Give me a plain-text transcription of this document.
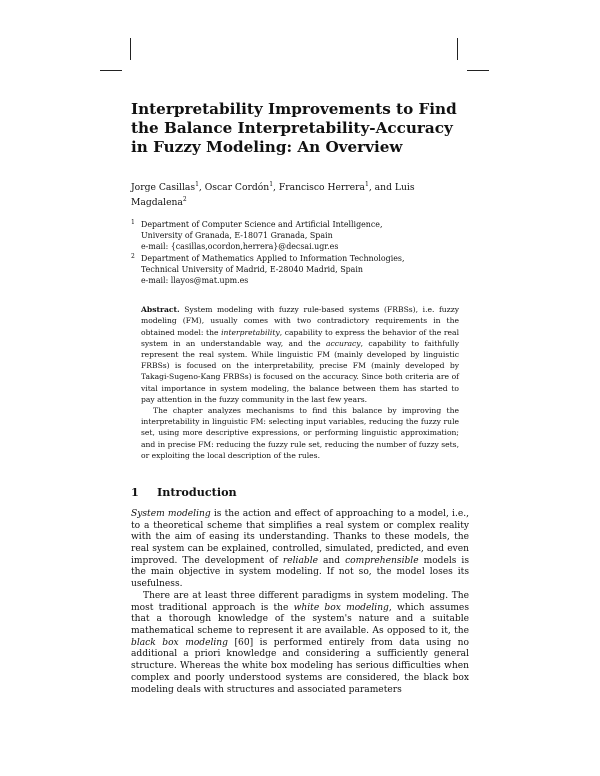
Interpretability Improvements to Find the Balance Interpretability-Accuracy in Fuzzy Modeling: An Overview
Jorge Casillas$^1$, Oscar Cordón$^1$, Francisco Herrera$^1$, and Luis Magdalena$^2$
1 Department of Computer Science and Artificial Intelligence,
University of Granada, E-18071 Granada, Spain
e-mail: {casillas,ocordon,herrera}@decsai.ugr.es
2 Department of Mathematics Applied to Information Technologies,
Technical University of Madrid, E-28040 Madrid, Spain
e-mail: llayos@mat.upm.es

Abstract. System modeling with fuzzy rule-based systems (FRBSs), i.e. fuzzy modeling (FM), usually comes with two contradictory requirements in the obtained model: the interpretability, capability to express the behavior of the real system in an understandable way, and the accuracy, capability to faithfully represent the real system. While linguistic FM (mainly developed by linguistic FRBSs) is focused on the interpretability, precise FM (mainly developed by Takagi-Sugeno-Kang FRBSs) is focused on the accuracy. Since both criteria are of vital importance in system modeling, the balance between them has started to pay attention in the fuzzy community in the last few years.

The chapter analyzes mechanisms to find this balance by improving the interpretability in linguistic FM: selecting input variables, reducing the fuzzy rule set, using more descriptive expressions, or performing linguistic approximation; and in precise FM: reducing the fuzzy rule set, reducing the number of fuzzy sets, or exploiting the local description of the rules.

1 Introduction

System modeling is the action and effect of approaching to a model, i.e., to a theoretical scheme that simplifies a real system or complex reality with the aim of easing its understanding. Thanks to these models, the real system can be explained, controlled, simulated, predicted, and even improved. The development of reliable and comprehensible models is the main objective in system modeling. If not so, the model loses its usefulness.

There are at least three different paradigms in system modeling. The most traditional approach is the white box modeling, which assumes that a thorough knowledge of the system's nature and a suitable mathematical scheme to represent it are available. As opposed to it, the black box modeling [60] is performed entirely from data using no additional a priori knowledge and considering a sufficiently general structure. Whereas the white box modeling has serious difficulties when complex and poorly understood systems are considered, the black box modeling deals with structures and associated parameters
